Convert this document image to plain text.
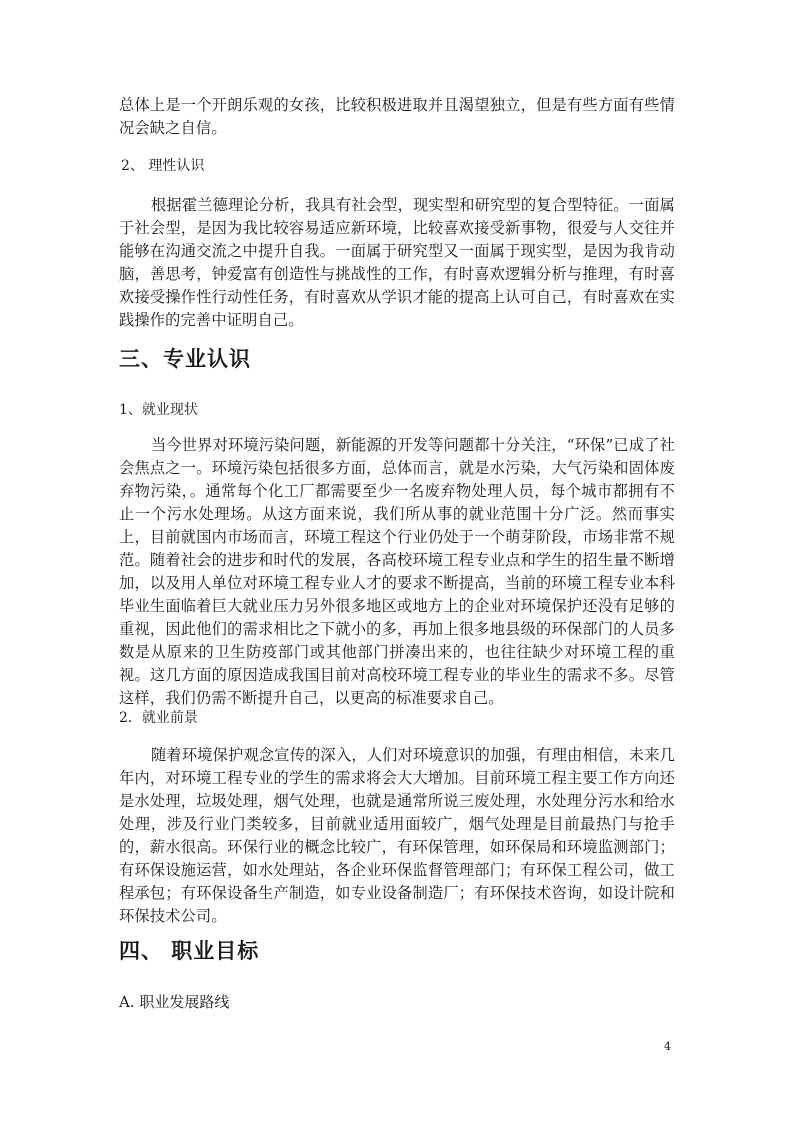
总体上是一个开朗乐观的女孩，比较积极进取并且渴望独立，但是有些方面有些情况会缺之自信。

2、 理性认识

根据霍兰德理论分析，我具有社会型，现实型和研究型的复合型特征。一面属于社会型，是因为我比较容易适应新环境，比较喜欢接受新事物，很爱与人交往并能够在沟通交流之中提升自我。一面属于研究型又一面属于现实型，是因为我肯动脑，善思考，钟爱富有创造性与挑战性的工作，有时喜欢逻辑分析与推理，有时喜欢接受操作性行动性任务，有时喜欢从学识才能的提高上认可自己，有时喜欢在实践操作的完善中证明自己。

三、专业认识

1、就业现状

当今世界对环境污染问题，新能源的开发等问题都十分关注，“环保”已成了社会焦点之一。环境污染包括很多方面，总体而言，就是水污染，大气污染和固体废弃物污染，。通常每个化工厂都需要至少一名废弃物处理人员，每个城市都拥有不止一个污水处理场。从这方面来说，我们所从事的就业范围十分广泛。然而事实上，目前就国内市场而言，环境工程这个行业仍处于一个萌芽阶段，市场非常不规范。随着社会的进步和时代的发展，各高校环境工程专业点和学生的招生量不断增加，以及用人单位对环境工程专业人才的要求不断提高，当前的环境工程专业本科毕业生面临着巨大就业压力另外很多地区或地方上的企业对环境保护还没有足够的重视，因此他们的需求相比之下就小的多，再加上很多地县级的环保部门的人员多数是从原来的卫生防疫部门或其他部门拼凑出来的，也往往缺少对环境工程的重视。这几方面的原因造成我国目前对高校环境工程专业的毕业生的需求不多。尽管这样，我们仍需不断提升自己，以更高的标准要求自己。

2．就业前景

随着环境保护观念宣传的深入，人们对环境意识的加强，有理由相信，未来几年内，对环境工程专业的学生的需求将会大大增加。目前环境工程主要工作方向还是水处理，垃圾处理，烟气处理，也就是通常所说三废处理，水处理分污水和给水处理，涉及行业门类较多，目前就业适用面较广，烟气处理是目前最热门与抢手的，薪水很高。环保行业的概念比较广，有环保管理，如环保局和环境监测部门；有环保设施运营，如水处理站，各企业环保监督管理部门；有环保工程公司，做工程承包；有环保设备生产制造，如专业设备制造厂；有环保技术咨询，如设计院和环保技术公司。

四、 职业目标

A. 职业发展路线

4
